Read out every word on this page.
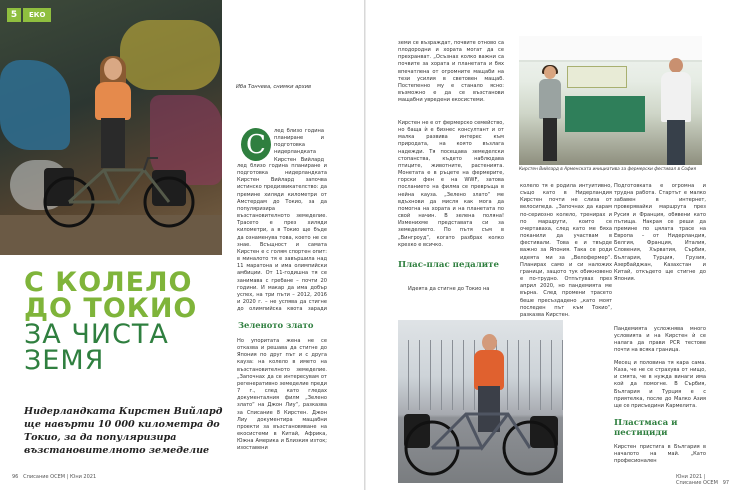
5	ЕКО
С КОЛЕЛО
ДО ТОКИО
ЗА ЧИСТА
ЗЕМЯ
Нидерландката Кирстен Вийлард ще навърти 10 000 километра до Токио, за да популяризира възстановителното земеделие
Иба Тончева, снимки архив
С	лед близо година планиране и подготовка нидерландката Кирстен Вийлард
лед близо година планиране и подготовка нидерландката Кирстен Вийлард започва истинско предизвикателство: да премине хиляди километри от Амстердам до Токио, за да популяризира възстановителното земеделие. Трасето е през хиляди километри, а в Токио ще бъде да ознаменува това, което не се знае. Всъщност и самата Кирстен е с голям спортен опит: в миналото тя е завършила над 11 маратона и има олимпийски амбиции. От 11-годишна тя се занимава с гребане – почти 20 години. И макар да има добър успех, на три пъти – 2012, 2016 и 2020 г. – не успява да стигне до олимпийска квота заради
Зеленото злато
Но упоритата жена не се отказва и решава да стигне до Япония по друг път и с друга кауза: на колело в името на възстановителното земеделие. „Започнах да се интересувам от регенеративно земеделие преди 7 г., след като гледах документалния филм „Зелено злато“ на Джон Лиу“, разказва за Списание 8 Кирстен. Джон Лиу документира мащабни проекти за възстановяване на екосистеми в Китай, Африка, Южна Америка и Близкия изток; изоставени
96 Списание ОСЕМ | Юни 2021
земи се възраждат, почвите отново са плодородни и хората могат да се прехранват. „Осъзнах колко важни са почвите за хората и планетата и бях впечатлена от огромните мащаби на тези усилия в световен мащаб. Постепенно му е станало ясно: възможно е да се възстанови мащабни увредени екосистеми.
Кирстен не е от фермерско семейство, но баща ѝ е бизнес консултант и от малка развива интерес към природата, на която възлага надежди. Тя посещава земеделски стопанства, където наблюдава птиците, животните, растенията. Монетата е в ръцете на фермерите, горски фен е на WWF, затова посланието на филма се превръща в нейна кауза. „Зелено злато“ ме вдъхнови да мисля как мога да помогна на хората и на планетата по свой начин. В зелена поляна! Изменихме представата си за земеделието. По пътя съм в „Вингроуд“, когато разбрах колко крехко е всичко.
Плас-плас педалите
Идеята да стигне до Токио на
Кирстен Вийлард в Арменската инициатива за фермерски фестивал в София
колело тя е родила интуитивно, също като в Нидерландия Кирстен почти не слиза от велосипеда. „Започнах да карам по-сериозно колело, тренирах и по маршрути, които се очертаваха, след като ме бяха поканили да участвам в фестивали. Това е и твърде важно за Япония. Така се роди идеята ми за „Велофермер“. Планирах само и си наложих граници, защото тук обикновено е по-трудно. Отпътувах през април 2020, но пандемията ме върна. След промени трасето беше пресъздадено „като моят последен път към Токио“, разказва Кирстен.
Подготовката е огромна и трудна работа. Стартът е малко забавен в интернет, проверявайки маршрута през Русия и Франция, обявени като пътища. Накрая се реши да премине по цялата трасе на Европа – от Нидерландия, Белгия, Франция, Италия, Словения, Хърватия, Сърбия, България, Турция, Грузия, Азербайджан, Казахстан и Китай, откъдето ще стигне до Япония.
Пандемията усложнява много условията и на Кирстен ѝ се налага да прави PCR тестове почти на всяка граница.
Месец и половина тя кара сама. Каза, че не се страхува от нищо, и смята, че в нужда винаги има кой да помогне. В Сърбия, България и Турция е с приятелка, после до Малко Азия ще се присъедини Кармелита.
Пластмаса и пестициди
Кирстен пристига в България в началото на май. „Като професионален
Юни 2021 | Списание ОСЕМ 97
